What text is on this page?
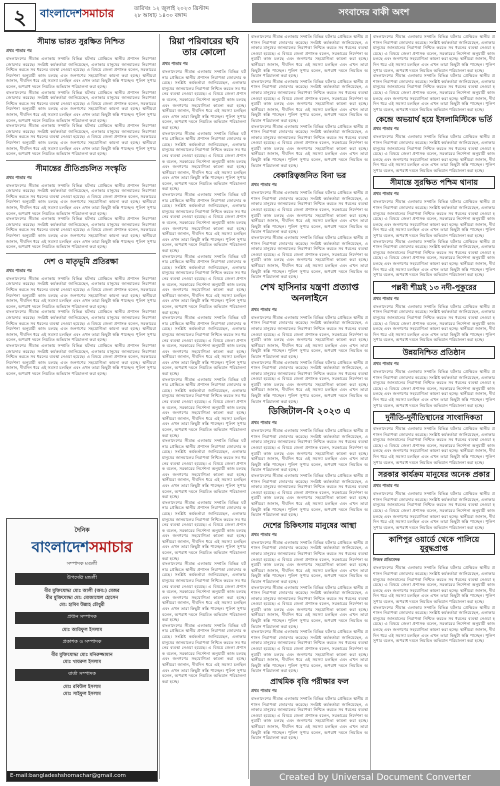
২	বাংলাদেশসমাচার	তারিখঃ ১২ জুলাই ২০২৩ খ্রিস্টাব্দ
২৮ আষাঢ় ১৪৩০ বঙ্গাব্দ	সংবাদের বাকী অংশ
সীমান্ত ভারত সুরক্ষিত নিশ্চিত
প্রথম পাতার পর
বাংলাদেশের সীমান্ত এলাকায় সম্প্রতি বিভিন্ন ঘটনার প্রেক্ষিতে স্থানীয় প্রশাসন নিরাপত্তা জোরদার করেছে। সংশ্লিষ্ট কর্মকর্তারা জানিয়েছেন, এলাকার মানুষের জানমালের নিরাপত্তা নিশ্চিত করতে সব ধরনের ব্যবস্থা নেওয়া হয়েছে। এ বিষয়ে জেলা প্রশাসক বলেন, সরকারের নির্দেশনা অনুযায়ী কাজ চলছে এবং জনগণের সহযোগিতা কামনা করা হচ্ছে। স্থানীয়রা জানান, দীর্ঘদিন ধরে এই সমস্যা চলছিল এবং এখন তারা কিছুটা স্বস্তি পাচ্ছেন। পুলিশ সুপার বলেন, অপরাধ দমনে নিয়মিত অভিযান পরিচালনা করা হচ্ছে।
বাংলাদেশের সীমান্ত এলাকায় সম্প্রতি বিভিন্ন ঘটনার প্রেক্ষিতে স্থানীয় প্রশাসন নিরাপত্তা জোরদার করেছে। সংশ্লিষ্ট কর্মকর্তারা জানিয়েছেন, এলাকার মানুষের জানমালের নিরাপত্তা নিশ্চিত করতে সব ধরনের ব্যবস্থা নেওয়া হয়েছে। এ বিষয়ে জেলা প্রশাসক বলেন, সরকারের নির্দেশনা অনুযায়ী কাজ চলছে এবং জনগণের সহযোগিতা কামনা করা হচ্ছে। স্থানীয়রা জানান, দীর্ঘদিন ধরে এই সমস্যা চলছিল এবং এখন তারা কিছুটা স্বস্তি পাচ্ছেন। পুলিশ সুপার বলেন, অপরাধ দমনে নিয়মিত অভিযান পরিচালনা করা হচ্ছে।
বাংলাদেশের সীমান্ত এলাকায় সম্প্রতি বিভিন্ন ঘটনার প্রেক্ষিতে স্থানীয় প্রশাসন নিরাপত্তা জোরদার করেছে। সংশ্লিষ্ট কর্মকর্তারা জানিয়েছেন, এলাকার মানুষের জানমালের নিরাপত্তা নিশ্চিত করতে সব ধরনের ব্যবস্থা নেওয়া হয়েছে। এ বিষয়ে জেলা প্রশাসক বলেন, সরকারের নির্দেশনা অনুযায়ী কাজ চলছে এবং জনগণের সহযোগিতা কামনা করা হচ্ছে। স্থানীয়রা জানান, দীর্ঘদিন ধরে এই সমস্যা চলছিল এবং এখন তারা কিছুটা স্বস্তি পাচ্ছেন। পুলিশ সুপার বলেন, অপরাধ দমনে নিয়মিত অভিযান পরিচালনা করা হচ্ছে।
সীমান্তের প্রীতিপ্রচলিত সংস্কৃতি
প্রথম পাতার পর
বাংলাদেশের সীমান্ত এলাকায় সম্প্রতি বিভিন্ন ঘটনার প্রেক্ষিতে স্থানীয় প্রশাসন নিরাপত্তা জোরদার করেছে। সংশ্লিষ্ট কর্মকর্তারা জানিয়েছেন, এলাকার মানুষের জানমালের নিরাপত্তা নিশ্চিত করতে সব ধরনের ব্যবস্থা নেওয়া হয়েছে। এ বিষয়ে জেলা প্রশাসক বলেন, সরকারের নির্দেশনা অনুযায়ী কাজ চলছে এবং জনগণের সহযোগিতা কামনা করা হচ্ছে। স্থানীয়রা জানান, দীর্ঘদিন ধরে এই সমস্যা চলছিল এবং এখন তারা কিছুটা স্বস্তি পাচ্ছেন। পুলিশ সুপার বলেন, অপরাধ দমনে নিয়মিত অভিযান পরিচালনা করা হচ্ছে।
বাংলাদেশের সীমান্ত এলাকায় সম্প্রতি বিভিন্ন ঘটনার প্রেক্ষিতে স্থানীয় প্রশাসন নিরাপত্তা জোরদার করেছে। সংশ্লিষ্ট কর্মকর্তারা জানিয়েছেন, এলাকার মানুষের জানমালের নিরাপত্তা নিশ্চিত করতে সব ধরনের ব্যবস্থা নেওয়া হয়েছে। এ বিষয়ে জেলা প্রশাসক বলেন, সরকারের নির্দেশনা অনুযায়ী কাজ চলছে এবং জনগণের সহযোগিতা কামনা করা হচ্ছে। স্থানীয়রা জানান, দীর্ঘদিন ধরে এই সমস্যা চলছিল এবং এখন তারা কিছুটা স্বস্তি পাচ্ছেন। পুলিশ সুপার বলেন, অপরাধ দমনে নিয়মিত অভিযান পরিচালনা করা হচ্ছে।
দেশ ও মাতৃভূমি প্রতিরক্ষা
প্রথম পাতার পর
বাংলাদেশের সীমান্ত এলাকায় সম্প্রতি বিভিন্ন ঘটনার প্রেক্ষিতে স্থানীয় প্রশাসন নিরাপত্তা জোরদার করেছে। সংশ্লিষ্ট কর্মকর্তারা জানিয়েছেন, এলাকার মানুষের জানমালের নিরাপত্তা নিশ্চিত করতে সব ধরনের ব্যবস্থা নেওয়া হয়েছে। এ বিষয়ে জেলা প্রশাসক বলেন, সরকারের নির্দেশনা অনুযায়ী কাজ চলছে এবং জনগণের সহযোগিতা কামনা করা হচ্ছে। স্থানীয়রা জানান, দীর্ঘদিন ধরে এই সমস্যা চলছিল এবং এখন তারা কিছুটা স্বস্তি পাচ্ছেন। পুলিশ সুপার বলেন, অপরাধ দমনে নিয়মিত অভিযান পরিচালনা করা হচ্ছে।
বাংলাদেশের সীমান্ত এলাকায় সম্প্রতি বিভিন্ন ঘটনার প্রেক্ষিতে স্থানীয় প্রশাসন নিরাপত্তা জোরদার করেছে। সংশ্লিষ্ট কর্মকর্তারা জানিয়েছেন, এলাকার মানুষের জানমালের নিরাপত্তা নিশ্চিত করতে সব ধরনের ব্যবস্থা নেওয়া হয়েছে। এ বিষয়ে জেলা প্রশাসক বলেন, সরকারের নির্দেশনা অনুযায়ী কাজ চলছে এবং জনগণের সহযোগিতা কামনা করা হচ্ছে। স্থানীয়রা জানান, দীর্ঘদিন ধরে এই সমস্যা চলছিল এবং এখন তারা কিছুটা স্বস্তি পাচ্ছেন। পুলিশ সুপার বলেন, অপরাধ দমনে নিয়মিত অভিযান পরিচালনা করা হচ্ছে।
বাংলাদেশের সীমান্ত এলাকায় সম্প্রতি বিভিন্ন ঘটনার প্রেক্ষিতে স্থানীয় প্রশাসন নিরাপত্তা জোরদার করেছে। সংশ্লিষ্ট কর্মকর্তারা জানিয়েছেন, এলাকার মানুষের জানমালের নিরাপত্তা নিশ্চিত করতে সব ধরনের ব্যবস্থা নেওয়া হয়েছে। এ বিষয়ে জেলা প্রশাসক বলেন, সরকারের নির্দেশনা অনুযায়ী কাজ চলছে এবং জনগণের সহযোগিতা কামনা করা হচ্ছে। স্থানীয়রা জানান, দীর্ঘদিন ধরে এই সমস্যা চলছিল এবং এখন তারা কিছুটা স্বস্তি পাচ্ছেন। পুলিশ সুপার বলেন, অপরাধ দমনে নিয়মিত অভিযান পরিচালনা করা হচ্ছে।
দৈনিক
বাংলাদেশসমাচার
সম্পাদক মণ্ডলী
উপদেষ্টা মন্ডলী
বীর মুক্তিযোদ্ধা মোঃ আলী (অব:) মেজর
বীর মুক্তিযোদ্ধা মো: মোজাম্মেল হোসেন
মো: হাবিব উল্লাহ চৌধুরী
প্রধান সম্পাদক
মোঃ আরিফুল ইসলাম
প্রকাশক ও সম্পাদক
বীর মুক্তিযোদ্ধা মোঃ মনিরুজ্জামান
মোঃ খায়রুল ইসলাম
বার্তা সম্পাদক
মোঃ রবিউল ইসলাম
মোঃ সাইফুল ইসলাম
E-mail:bangladeshshomachar@gmail.com
রিয়া পরিবারের ছবি তার কোলো
প্রথম পাতার পর
বাংলাদেশের সীমান্ত এলাকায় সম্প্রতি বিভিন্ন ঘটনার প্রেক্ষিতে স্থানীয় প্রশাসন নিরাপত্তা জোরদার করেছে। সংশ্লিষ্ট কর্মকর্তারা জানিয়েছেন, এলাকার মানুষের জানমালের নিরাপত্তা নিশ্চিত করতে সব ধরনের ব্যবস্থা নেওয়া হয়েছে। এ বিষয়ে জেলা প্রশাসক বলেন, সরকারের নির্দেশনা অনুযায়ী কাজ চলছে এবং জনগণের সহযোগিতা কামনা করা হচ্ছে। স্থানীয়রা জানান, দীর্ঘদিন ধরে এই সমস্যা চলছিল এবং এখন তারা কিছুটা স্বস্তি পাচ্ছেন। পুলিশ সুপার বলেন, অপরাধ দমনে নিয়মিত অভিযান পরিচালনা করা হচ্ছে।
বাংলাদেশের সীমান্ত এলাকায় সম্প্রতি বিভিন্ন ঘটনার প্রেক্ষিতে স্থানীয় প্রশাসন নিরাপত্তা জোরদার করেছে। সংশ্লিষ্ট কর্মকর্তারা জানিয়েছেন, এলাকার মানুষের জানমালের নিরাপত্তা নিশ্চিত করতে সব ধরনের ব্যবস্থা নেওয়া হয়েছে। এ বিষয়ে জেলা প্রশাসক বলেন, সরকারের নির্দেশনা অনুযায়ী কাজ চলছে এবং জনগণের সহযোগিতা কামনা করা হচ্ছে। স্থানীয়রা জানান, দীর্ঘদিন ধরে এই সমস্যা চলছিল এবং এখন তারা কিছুটা স্বস্তি পাচ্ছেন। পুলিশ সুপার বলেন, অপরাধ দমনে নিয়মিত অভিযান পরিচালনা করা হচ্ছে।
বাংলাদেশের সীমান্ত এলাকায় সম্প্রতি বিভিন্ন ঘটনার প্রেক্ষিতে স্থানীয় প্রশাসন নিরাপত্তা জোরদার করেছে। সংশ্লিষ্ট কর্মকর্তারা জানিয়েছেন, এলাকার মানুষের জানমালের নিরাপত্তা নিশ্চিত করতে সব ধরনের ব্যবস্থা নেওয়া হয়েছে। এ বিষয়ে জেলা প্রশাসক বলেন, সরকারের নির্দেশনা অনুযায়ী কাজ চলছে এবং জনগণের সহযোগিতা কামনা করা হচ্ছে। স্থানীয়রা জানান, দীর্ঘদিন ধরে এই সমস্যা চলছিল এবং এখন তারা কিছুটা স্বস্তি পাচ্ছেন। পুলিশ সুপার বলেন, অপরাধ দমনে নিয়মিত অভিযান পরিচালনা করা হচ্ছে।
বাংলাদেশের সীমান্ত এলাকায় সম্প্রতি বিভিন্ন ঘটনার প্রেক্ষিতে স্থানীয় প্রশাসন নিরাপত্তা জোরদার করেছে। সংশ্লিষ্ট কর্মকর্তারা জানিয়েছেন, এলাকার মানুষের জানমালের নিরাপত্তা নিশ্চিত করতে সব ধরনের ব্যবস্থা নেওয়া হয়েছে। এ বিষয়ে জেলা প্রশাসক বলেন, সরকারের নির্দেশনা অনুযায়ী কাজ চলছে এবং জনগণের সহযোগিতা কামনা করা হচ্ছে। স্থানীয়রা জানান, দীর্ঘদিন ধরে এই সমস্যা চলছিল এবং এখন তারা কিছুটা স্বস্তি পাচ্ছেন। পুলিশ সুপার বলেন, অপরাধ দমনে নিয়মিত অভিযান পরিচালনা করা হচ্ছে।
বাংলাদেশের সীমান্ত এলাকায় সম্প্রতি বিভিন্ন ঘটনার প্রেক্ষিতে স্থানীয় প্রশাসন নিরাপত্তা জোরদার করেছে। সংশ্লিষ্ট কর্মকর্তারা জানিয়েছেন, এলাকার মানুষের জানমালের নিরাপত্তা নিশ্চিত করতে সব ধরনের ব্যবস্থা নেওয়া হয়েছে। এ বিষয়ে জেলা প্রশাসক বলেন, সরকারের নির্দেশনা অনুযায়ী কাজ চলছে এবং জনগণের সহযোগিতা কামনা করা হচ্ছে। স্থানীয়রা জানান, দীর্ঘদিন ধরে এই সমস্যা চলছিল এবং এখন তারা কিছুটা স্বস্তি পাচ্ছেন। পুলিশ সুপার বলেন, অপরাধ দমনে নিয়মিত অভিযান পরিচালনা করা হচ্ছে।
বাংলাদেশের সীমান্ত এলাকায় সম্প্রতি বিভিন্ন ঘটনার প্রেক্ষিতে স্থানীয় প্রশাসন নিরাপত্তা জোরদার করেছে। সংশ্লিষ্ট কর্মকর্তারা জানিয়েছেন, এলাকার মানুষের জানমালের নিরাপত্তা নিশ্চিত করতে সব ধরনের ব্যবস্থা নেওয়া হয়েছে। এ বিষয়ে জেলা প্রশাসক বলেন, সরকারের নির্দেশনা অনুযায়ী কাজ চলছে এবং জনগণের সহযোগিতা কামনা করা হচ্ছে। স্থানীয়রা জানান, দীর্ঘদিন ধরে এই সমস্যা চলছিল এবং এখন তারা কিছুটা স্বস্তি পাচ্ছেন। পুলিশ সুপার বলেন, অপরাধ দমনে নিয়মিত অভিযান পরিচালনা করা হচ্ছে।
বাংলাদেশের সীমান্ত এলাকায় সম্প্রতি বিভিন্ন ঘটনার প্রেক্ষিতে স্থানীয় প্রশাসন নিরাপত্তা জোরদার করেছে। সংশ্লিষ্ট কর্মকর্তারা জানিয়েছেন, এলাকার মানুষের জানমালের নিরাপত্তা নিশ্চিত করতে সব ধরনের ব্যবস্থা নেওয়া হয়েছে। এ বিষয়ে জেলা প্রশাসক বলেন, সরকারের নির্দেশনা অনুযায়ী কাজ চলছে এবং জনগণের সহযোগিতা কামনা করা হচ্ছে। স্থানীয়রা জানান, দীর্ঘদিন ধরে এই সমস্যা চলছিল এবং এখন তারা কিছুটা স্বস্তি পাচ্ছেন। পুলিশ সুপার বলেন, অপরাধ দমনে নিয়মিত অভিযান পরিচালনা করা হচ্ছে।
বাংলাদেশের সীমান্ত এলাকায় সম্প্রতি বিভিন্ন ঘটনার প্রেক্ষিতে স্থানীয় প্রশাসন নিরাপত্তা জোরদার করেছে। সংশ্লিষ্ট কর্মকর্তারা জানিয়েছেন, এলাকার মানুষের জানমালের নিরাপত্তা নিশ্চিত করতে সব ধরনের ব্যবস্থা নেওয়া হয়েছে। এ বিষয়ে জেলা প্রশাসক বলেন, সরকারের নির্দেশনা অনুযায়ী কাজ চলছে এবং জনগণের সহযোগিতা কামনা করা হচ্ছে। স্থানীয়রা জানান, দীর্ঘদিন ধরে এই সমস্যা চলছিল এবং এখন তারা কিছুটা স্বস্তি পাচ্ছেন। পুলিশ সুপার বলেন, অপরাধ দমনে নিয়মিত অভিযান পরিচালনা করা হচ্ছে।
বাংলাদেশের সীমান্ত এলাকায় সম্প্রতি বিভিন্ন ঘটনার প্রেক্ষিতে স্থানীয় প্রশাসন নিরাপত্তা জোরদার করেছে। সংশ্লিষ্ট কর্মকর্তারা জানিয়েছেন, এলাকার মানুষের জানমালের নিরাপত্তা নিশ্চিত করতে সব ধরনের ব্যবস্থা নেওয়া হয়েছে। এ বিষয়ে জেলা প্রশাসক বলেন, সরকারের নির্দেশনা অনুযায়ী কাজ চলছে এবং জনগণের সহযোগিতা কামনা করা হচ্ছে। স্থানীয়রা জানান, দীর্ঘদিন ধরে এই সমস্যা চলছিল এবং এখন তারা কিছুটা স্বস্তি পাচ্ছেন। পুলিশ সুপার বলেন, অপরাধ দমনে নিয়মিত অভিযান পরিচালনা করা হচ্ছে।
বাংলাদেশের সীমান্ত এলাকায় সম্প্রতি বিভিন্ন ঘটনার প্রেক্ষিতে স্থানীয় প্রশাসন নিরাপত্তা জোরদার করেছে। সংশ্লিষ্ট কর্মকর্তারা জানিয়েছেন, এলাকার মানুষের জানমালের নিরাপত্তা নিশ্চিত করতে সব ধরনের ব্যবস্থা নেওয়া হয়েছে। এ বিষয়ে জেলা প্রশাসক বলেন, সরকারের নির্দেশনা অনুযায়ী কাজ চলছে এবং জনগণের সহযোগিতা কামনা করা হচ্ছে। স্থানীয়রা জানান, দীর্ঘদিন ধরে এই সমস্যা চলছিল এবং এখন তারা কিছুটা স্বস্তি পাচ্ছেন। পুলিশ সুপার বলেন, অপরাধ দমনে নিয়মিত অভিযান পরিচালনা করা হচ্ছে।
বাংলাদেশের সীমান্ত এলাকায় সম্প্রতি বিভিন্ন ঘটনার প্রেক্ষিতে স্থানীয় প্রশাসন নিরাপত্তা জোরদার করেছে। সংশ্লিষ্ট কর্মকর্তারা জানিয়েছেন, এলাকার মানুষের জানমালের নিরাপত্তা নিশ্চিত করতে সব ধরনের ব্যবস্থা নেওয়া হয়েছে। এ বিষয়ে জেলা প্রশাসক বলেন, সরকারের নির্দেশনা অনুযায়ী কাজ চলছে এবং জনগণের সহযোগিতা কামনা করা হচ্ছে। স্থানীয়রা জানান, দীর্ঘদিন ধরে এই সমস্যা চলছিল এবং এখন তারা কিছুটা স্বস্তি পাচ্ছেন। পুলিশ সুপার বলেন, অপরাধ দমনে নিয়মিত অভিযান পরিচালনা করা হচ্ছে।
বাংলাদেশের সীমান্ত এলাকায় সম্প্রতি বিভিন্ন ঘটনার প্রেক্ষিতে স্থানীয় প্রশাসন নিরাপত্তা জোরদার করেছে। সংশ্লিষ্ট কর্মকর্তারা জানিয়েছেন, এলাকার মানুষের জানমালের নিরাপত্তা নিশ্চিত করতে সব ধরনের ব্যবস্থা নেওয়া হয়েছে। এ বিষয়ে জেলা প্রশাসক বলেন, সরকারের নির্দেশনা অনুযায়ী কাজ চলছে এবং জনগণের সহযোগিতা কামনা করা হচ্ছে। স্থানীয়রা জানান, দীর্ঘদিন ধরে এই সমস্যা চলছিল এবং এখন তারা কিছুটা স্বস্তি পাচ্ছেন। পুলিশ সুপার বলেন, অপরাধ দমনে নিয়মিত অভিযান পরিচালনা করা হচ্ছে।
বাংলাদেশের সীমান্ত এলাকায় সম্প্রতি বিভিন্ন ঘটনার প্রেক্ষিতে স্থানীয় প্রশাসন নিরাপত্তা জোরদার করেছে। সংশ্লিষ্ট কর্মকর্তারা জানিয়েছেন, এলাকার মানুষের জানমালের নিরাপত্তা নিশ্চিত করতে সব ধরনের ব্যবস্থা নেওয়া হয়েছে। এ বিষয়ে জেলা প্রশাসক বলেন, সরকারের নির্দেশনা অনুযায়ী কাজ চলছে এবং জনগণের সহযোগিতা কামনা করা হচ্ছে। স্থানীয়রা জানান, দীর্ঘদিন ধরে এই সমস্যা চলছিল এবং এখন তারা কিছুটা স্বস্তি পাচ্ছেন। পুলিশ সুপার বলেন, অপরাধ দমনে নিয়মিত অভিযান পরিচালনা করা হচ্ছে।
বেকারিত্বজনিত বিনা ভর
প্রথম পাতার পর
বাংলাদেশের সীমান্ত এলাকায় সম্প্রতি বিভিন্ন ঘটনার প্রেক্ষিতে স্থানীয় প্রশাসন নিরাপত্তা জোরদার করেছে। সংশ্লিষ্ট কর্মকর্তারা জানিয়েছেন, এলাকার মানুষের জানমালের নিরাপত্তা নিশ্চিত করতে সব ধরনের ব্যবস্থা নেওয়া হয়েছে। এ বিষয়ে জেলা প্রশাসক বলেন, সরকারের নির্দেশনা অনুযায়ী কাজ চলছে এবং জনগণের সহযোগিতা কামনা করা হচ্ছে। স্থানীয়রা জানান, দীর্ঘদিন ধরে এই সমস্যা চলছিল এবং এখন তারা কিছুটা স্বস্তি পাচ্ছেন। পুলিশ সুপার বলেন, অপরাধ দমনে নিয়মিত অভিযান পরিচালনা করা হচ্ছে।
বাংলাদেশের সীমান্ত এলাকায় সম্প্রতি বিভিন্ন ঘটনার প্রেক্ষিতে স্থানীয় প্রশাসন নিরাপত্তা জোরদার করেছে। সংশ্লিষ্ট কর্মকর্তারা জানিয়েছেন, এলাকার মানুষের জানমালের নিরাপত্তা নিশ্চিত করতে সব ধরনের ব্যবস্থা নেওয়া হয়েছে। এ বিষয়ে জেলা প্রশাসক বলেন, সরকারের নির্দেশনা অনুযায়ী কাজ চলছে এবং জনগণের সহযোগিতা কামনা করা হচ্ছে। স্থানীয়রা জানান, দীর্ঘদিন ধরে এই সমস্যা চলছিল এবং এখন তারা কিছুটা স্বস্তি পাচ্ছেন। পুলিশ সুপার বলেন, অপরাধ দমনে নিয়মিত অভিযান পরিচালনা করা হচ্ছে।
শেখ হাসিনার যন্ত্রণা প্রত্যাপ্ত অনলাইনে
প্রথম পাতার পর
বাংলাদেশের সীমান্ত এলাকায় সম্প্রতি বিভিন্ন ঘটনার প্রেক্ষিতে স্থানীয় প্রশাসন নিরাপত্তা জোরদার করেছে। সংশ্লিষ্ট কর্মকর্তারা জানিয়েছেন, এলাকার মানুষের জানমালের নিরাপত্তা নিশ্চিত করতে সব ধরনের ব্যবস্থা নেওয়া হয়েছে। এ বিষয়ে জেলা প্রশাসক বলেন, সরকারের নির্দেশনা অনুযায়ী কাজ চলছে এবং জনগণের সহযোগিতা কামনা করা হচ্ছে। স্থানীয়রা জানান, দীর্ঘদিন ধরে এই সমস্যা চলছিল এবং এখন তারা কিছুটা স্বস্তি পাচ্ছেন। পুলিশ সুপার বলেন, অপরাধ দমনে নিয়মিত অভিযান পরিচালনা করা হচ্ছে।
বাংলাদেশের সীমান্ত এলাকায় সম্প্রতি বিভিন্ন ঘটনার প্রেক্ষিতে স্থানীয় প্রশাসন নিরাপত্তা জোরদার করেছে। সংশ্লিষ্ট কর্মকর্তারা জানিয়েছেন, এলাকার মানুষের জানমালের নিরাপত্তা নিশ্চিত করতে সব ধরনের ব্যবস্থা নেওয়া হয়েছে। এ বিষয়ে জেলা প্রশাসক বলেন, সরকারের নির্দেশনা অনুযায়ী কাজ চলছে এবং জনগণের সহযোগিতা কামনা করা হচ্ছে। স্থানীয়রা জানান, দীর্ঘদিন ধরে এই সমস্যা চলছিল এবং এখন তারা কিছুটা স্বস্তি পাচ্ছেন। পুলিশ সুপার বলেন, অপরাধ দমনে নিয়মিত অভিযান পরিচালনা করা হচ্ছে।
ডিজিটাল-বি ২০২৩ এ
প্রথম পাতার পর
বাংলাদেশের সীমান্ত এলাকায় সম্প্রতি বিভিন্ন ঘটনার প্রেক্ষিতে স্থানীয় প্রশাসন নিরাপত্তা জোরদার করেছে। সংশ্লিষ্ট কর্মকর্তারা জানিয়েছেন, এলাকার মানুষের জানমালের নিরাপত্তা নিশ্চিত করতে সব ধরনের ব্যবস্থা নেওয়া হয়েছে। এ বিষয়ে জেলা প্রশাসক বলেন, সরকারের নির্দেশনা অনুযায়ী কাজ চলছে এবং জনগণের সহযোগিতা কামনা করা হচ্ছে। স্থানীয়রা জানান, দীর্ঘদিন ধরে এই সমস্যা চলছিল এবং এখন তারা কিছুটা স্বস্তি পাচ্ছেন। পুলিশ সুপার বলেন, অপরাধ দমনে নিয়মিত অভিযান পরিচালনা করা হচ্ছে।
বাংলাদেশের সীমান্ত এলাকায় সম্প্রতি বিভিন্ন ঘটনার প্রেক্ষিতে স্থানীয় প্রশাসন নিরাপত্তা জোরদার করেছে। সংশ্লিষ্ট কর্মকর্তারা জানিয়েছেন, এলাকার মানুষের জানমালের নিরাপত্তা নিশ্চিত করতে সব ধরনের ব্যবস্থা নেওয়া হয়েছে। এ বিষয়ে জেলা প্রশাসক বলেন, সরকারের নির্দেশনা অনুযায়ী কাজ চলছে এবং জনগণের সহযোগিতা কামনা করা হচ্ছে। স্থানীয়রা জানান, দীর্ঘদিন ধরে এই সমস্যা চলছিল এবং এখন তারা কিছুটা স্বস্তি পাচ্ছেন। পুলিশ সুপার বলেন, অপরাধ দমনে নিয়মিত অভিযান পরিচালনা করা হচ্ছে।
দেশের চিকিৎসায় মানুষের আস্থা
প্রথম পাতার পর
বাংলাদেশের সীমান্ত এলাকায় সম্প্রতি বিভিন্ন ঘটনার প্রেক্ষিতে স্থানীয় প্রশাসন নিরাপত্তা জোরদার করেছে। সংশ্লিষ্ট কর্মকর্তারা জানিয়েছেন, এলাকার মানুষের জানমালের নিরাপত্তা নিশ্চিত করতে সব ধরনের ব্যবস্থা নেওয়া হয়েছে। এ বিষয়ে জেলা প্রশাসক বলেন, সরকারের নির্দেশনা অনুযায়ী কাজ চলছে এবং জনগণের সহযোগিতা কামনা করা হচ্ছে। স্থানীয়রা জানান, দীর্ঘদিন ধরে এই সমস্যা চলছিল এবং এখন তারা কিছুটা স্বস্তি পাচ্ছেন। পুলিশ সুপার বলেন, অপরাধ দমনে নিয়মিত অভিযান পরিচালনা করা হচ্ছে।
বাংলাদেশের সীমান্ত এলাকায় সম্প্রতি বিভিন্ন ঘটনার প্রেক্ষিতে স্থানীয় প্রশাসন নিরাপত্তা জোরদার করেছে। সংশ্লিষ্ট কর্মকর্তারা জানিয়েছেন, এলাকার মানুষের জানমালের নিরাপত্তা নিশ্চিত করতে সব ধরনের ব্যবস্থা নেওয়া হয়েছে। এ বিষয়ে জেলা প্রশাসক বলেন, সরকারের নির্দেশনা অনুযায়ী কাজ চলছে এবং জনগণের সহযোগিতা কামনা করা হচ্ছে। স্থানীয়রা জানান, দীর্ঘদিন ধরে এই সমস্যা চলছিল এবং এখন তারা কিছুটা স্বস্তি পাচ্ছেন। পুলিশ সুপার বলেন, অপরাধ দমনে নিয়মিত অভিযান পরিচালনা করা হচ্ছে।
বাংলাদেশের সীমান্ত এলাকায় সম্প্রতি বিভিন্ন ঘটনার প্রেক্ষিতে স্থানীয় প্রশাসন নিরাপত্তা জোরদার করেছে। সংশ্লিষ্ট কর্মকর্তারা জানিয়েছেন, এলাকার মানুষের জানমালের নিরাপত্তা নিশ্চিত করতে সব ধরনের ব্যবস্থা নেওয়া হয়েছে। এ বিষয়ে জেলা প্রশাসক বলেন, সরকারের নির্দেশনা অনুযায়ী কাজ চলছে এবং জনগণের সহযোগিতা কামনা করা হচ্ছে। স্থানীয়রা জানান, দীর্ঘদিন ধরে এই সমস্যা চলছিল এবং এখন তারা কিছুটা স্বস্তি পাচ্ছেন। পুলিশ সুপার বলেন, অপরাধ দমনে নিয়মিত অভিযান পরিচালনা করা হচ্ছে।
প্রাথমিক বৃত্তি পরীক্ষার ফল
প্রথম পাতার পর
বাংলাদেশের সীমান্ত এলাকায় সম্প্রতি বিভিন্ন ঘটনার প্রেক্ষিতে স্থানীয় প্রশাসন নিরাপত্তা জোরদার করেছে। সংশ্লিষ্ট কর্মকর্তারা জানিয়েছেন, এলাকার মানুষের জানমালের নিরাপত্তা নিশ্চিত করতে সব ধরনের ব্যবস্থা নেওয়া হয়েছে। এ বিষয়ে জেলা প্রশাসক বলেন, সরকারের নির্দেশনা অনুযায়ী কাজ চলছে এবং জনগণের সহযোগিতা কামনা করা হচ্ছে। স্থানীয়রা জানান, দীর্ঘদিন ধরে এই সমস্যা চলছিল এবং এখন তারা কিছুটা স্বস্তি পাচ্ছেন। পুলিশ সুপার বলেন, অপরাধ দমনে নিয়মিত অভিযান পরিচালনা করা হচ্ছে।
বাংলাদেশের সীমান্ত এলাকায় সম্প্রতি বিভিন্ন ঘটনার প্রেক্ষিতে স্থানীয় প্রশাসন নিরাপত্তা জোরদার করেছে। সংশ্লিষ্ট কর্মকর্তারা জানিয়েছেন, এলাকার মানুষের জানমালের নিরাপত্তা নিশ্চিত করতে সব ধরনের ব্যবস্থা নেওয়া হয়েছে। এ বিষয়ে জেলা প্রশাসক বলেন, সরকারের নির্দেশনা অনুযায়ী কাজ চলছে এবং জনগণের সহযোগিতা কামনা করা হচ্ছে। স্থানীয়রা জানান, দীর্ঘদিন ধরে এই সমস্যা চলছিল এবং এখন তারা কিছুটা স্বস্তি পাচ্ছেন। পুলিশ সুপার বলেন, অপরাধ দমনে নিয়মিত অভিযান পরিচালনা করা হচ্ছে।
বাংলাদেশের সীমান্ত এলাকায় সম্প্রতি বিভিন্ন ঘটনার প্রেক্ষিতে স্থানীয় প্রশাসন নিরাপত্তা জোরদার করেছে। সংশ্লিষ্ট কর্মকর্তারা জানিয়েছেন, এলাকার মানুষের জানমালের নিরাপত্তা নিশ্চিত করতে সব ধরনের ব্যবস্থা নেওয়া হয়েছে। এ বিষয়ে জেলা প্রশাসক বলেন, সরকারের নির্দেশনা অনুযায়ী কাজ চলছে এবং জনগণের সহযোগিতা কামনা করা হচ্ছে। স্থানীয়রা জানান, দীর্ঘদিন ধরে এই সমস্যা চলছিল এবং এখন তারা কিছুটা স্বস্তি পাচ্ছেন। পুলিশ সুপার বলেন, অপরাধ দমনে নিয়মিত অভিযান পরিচালনা করা হচ্ছে।
কেন্দ্রে অভয়ার্থ হয়ে ইসলামিস্টিকে ভর্তি
প্রথম পাতার পর
বাংলাদেশের সীমান্ত এলাকায় সম্প্রতি বিভিন্ন ঘটনার প্রেক্ষিতে স্থানীয় প্রশাসন নিরাপত্তা জোরদার করেছে। সংশ্লিষ্ট কর্মকর্তারা জানিয়েছেন, এলাকার মানুষের জানমালের নিরাপত্তা নিশ্চিত করতে সব ধরনের ব্যবস্থা নেওয়া হয়েছে। এ বিষয়ে জেলা প্রশাসক বলেন, সরকারের নির্দেশনা অনুযায়ী কাজ চলছে এবং জনগণের সহযোগিতা কামনা করা হচ্ছে। স্থানীয়রা জানান, দীর্ঘদিন ধরে এই সমস্যা চলছিল এবং এখন তারা কিছুটা স্বস্তি পাচ্ছেন। পুলিশ সুপার বলেন, অপরাধ দমনে নিয়মিত অভিযান পরিচালনা করা হচ্ছে।
সীমান্তে সুরক্ষিত পশ্চিম থানায়
প্রথম পাতার পর
বাংলাদেশের সীমান্ত এলাকায় সম্প্রতি বিভিন্ন ঘটনার প্রেক্ষিতে স্থানীয় প্রশাসন নিরাপত্তা জোরদার করেছে। সংশ্লিষ্ট কর্মকর্তারা জানিয়েছেন, এলাকার মানুষের জানমালের নিরাপত্তা নিশ্চিত করতে সব ধরনের ব্যবস্থা নেওয়া হয়েছে। এ বিষয়ে জেলা প্রশাসক বলেন, সরকারের নির্দেশনা অনুযায়ী কাজ চলছে এবং জনগণের সহযোগিতা কামনা করা হচ্ছে। স্থানীয়রা জানান, দীর্ঘদিন ধরে এই সমস্যা চলছিল এবং এখন তারা কিছুটা স্বস্তি পাচ্ছেন। পুলিশ সুপার বলেন, অপরাধ দমনে নিয়মিত অভিযান পরিচালনা করা হচ্ছে।
বাংলাদেশের সীমান্ত এলাকায় সম্প্রতি বিভিন্ন ঘটনার প্রেক্ষিতে স্থানীয় প্রশাসন নিরাপত্তা জোরদার করেছে। সংশ্লিষ্ট কর্মকর্তারা জানিয়েছেন, এলাকার মানুষের জানমালের নিরাপত্তা নিশ্চিত করতে সব ধরনের ব্যবস্থা নেওয়া হয়েছে। এ বিষয়ে জেলা প্রশাসক বলেন, সরকারের নির্দেশনা অনুযায়ী কাজ চলছে এবং জনগণের সহযোগিতা কামনা করা হচ্ছে। স্থানীয়রা জানান, দীর্ঘদিন ধরে এই সমস্যা চলছিল এবং এখন তারা কিছুটা স্বস্তি পাচ্ছেন। পুলিশ সুপার বলেন, অপরাধ দমনে নিয়মিত অভিযান পরিচালনা করা হচ্ছে।
পল্লবী শীঘ্রই ১৩ নদী-পুকুরের
প্রথম পাতার পর
বাংলাদেশের সীমান্ত এলাকায় সম্প্রতি বিভিন্ন ঘটনার প্রেক্ষিতে স্থানীয় প্রশাসন নিরাপত্তা জোরদার করেছে। সংশ্লিষ্ট কর্মকর্তারা জানিয়েছেন, এলাকার মানুষের জানমালের নিরাপত্তা নিশ্চিত করতে সব ধরনের ব্যবস্থা নেওয়া হয়েছে। এ বিষয়ে জেলা প্রশাসক বলেন, সরকারের নির্দেশনা অনুযায়ী কাজ চলছে এবং জনগণের সহযোগিতা কামনা করা হচ্ছে। স্থানীয়রা জানান, দীর্ঘদিন ধরে এই সমস্যা চলছিল এবং এখন তারা কিছুটা স্বস্তি পাচ্ছেন। পুলিশ সুপার বলেন, অপরাধ দমনে নিয়মিত অভিযান পরিচালনা করা হচ্ছে।
উন্নয়নিশ্চিত প্রতিষ্ঠান
প্রথম পাতার পর
বাংলাদেশের সীমান্ত এলাকায় সম্প্রতি বিভিন্ন ঘটনার প্রেক্ষিতে স্থানীয় প্রশাসন নিরাপত্তা জোরদার করেছে। সংশ্লিষ্ট কর্মকর্তারা জানিয়েছেন, এলাকার মানুষের জানমালের নিরাপত্তা নিশ্চিত করতে সব ধরনের ব্যবস্থা নেওয়া হয়েছে। এ বিষয়ে জেলা প্রশাসক বলেন, সরকারের নির্দেশনা অনুযায়ী কাজ চলছে এবং জনগণের সহযোগিতা কামনা করা হচ্ছে। স্থানীয়রা জানান, দীর্ঘদিন ধরে এই সমস্যা চলছিল এবং এখন তারা কিছুটা স্বস্তি পাচ্ছেন। পুলিশ সুপার বলেন, অপরাধ দমনে নিয়মিত অভিযান পরিচালনা করা হচ্ছে।
দুর্নীতি-দুর্নীতিস্থানের সাংবাদিকতা
বাংলাদেশের সীমান্ত এলাকায় সম্প্রতি বিভিন্ন ঘটনার প্রেক্ষিতে স্থানীয় প্রশাসন নিরাপত্তা জোরদার করেছে। সংশ্লিষ্ট কর্মকর্তারা জানিয়েছেন, এলাকার মানুষের জানমালের নিরাপত্তা নিশ্চিত করতে সব ধরনের ব্যবস্থা নেওয়া হয়েছে। এ বিষয়ে জেলা প্রশাসক বলেন, সরকারের নির্দেশনা অনুযায়ী কাজ চলছে এবং জনগণের সহযোগিতা কামনা করা হচ্ছে। স্থানীয়রা জানান, দীর্ঘদিন ধরে এই সমস্যা চলছিল এবং এখন তারা কিছুটা স্বস্তি পাচ্ছেন। পুলিশ সুপার বলেন, অপরাধ দমনে নিয়মিত অভিযান পরিচালনা করা হচ্ছে।
সরকার কার্যক্রম মানুষের অনেক প্রকার
প্রথম পাতার পর
বাংলাদেশের সীমান্ত এলাকায় সম্প্রতি বিভিন্ন ঘটনার প্রেক্ষিতে স্থানীয় প্রশাসন নিরাপত্তা জোরদার করেছে। সংশ্লিষ্ট কর্মকর্তারা জানিয়েছেন, এলাকার মানুষের জানমালের নিরাপত্তা নিশ্চিত করতে সব ধরনের ব্যবস্থা নেওয়া হয়েছে। এ বিষয়ে জেলা প্রশাসক বলেন, সরকারের নির্দেশনা অনুযায়ী কাজ চলছে এবং জনগণের সহযোগিতা কামনা করা হচ্ছে। স্থানীয়রা জানান, দীর্ঘদিন ধরে এই সমস্যা চলছিল এবং এখন তারা কিছুটা স্বস্তি পাচ্ছেন। পুলিশ সুপার বলেন, অপরাধ দমনে নিয়মিত অভিযান পরিচালনা করা হচ্ছে।
কাশিপুর ওয়ার্ডে থেকে পালিয়ে যুবুদ্ধপ্রাপ্ত
নিজস্ব প্রতিবেদক
বাংলাদেশের সীমান্ত এলাকায় সম্প্রতি বিভিন্ন ঘটনার প্রেক্ষিতে স্থানীয় প্রশাসন নিরাপত্তা জোরদার করেছে। সংশ্লিষ্ট কর্মকর্তারা জানিয়েছেন, এলাকার মানুষের জানমালের নিরাপত্তা নিশ্চিত করতে সব ধরনের ব্যবস্থা নেওয়া হয়েছে। এ বিষয়ে জেলা প্রশাসক বলেন, সরকারের নির্দেশনা অনুযায়ী কাজ চলছে এবং জনগণের সহযোগিতা কামনা করা হচ্ছে। স্থানীয়রা জানান, দীর্ঘদিন ধরে এই সমস্যা চলছিল এবং এখন তারা কিছুটা স্বস্তি পাচ্ছেন। পুলিশ সুপার বলেন, অপরাধ দমনে নিয়মিত অভিযান পরিচালনা করা হচ্ছে।
বাংলাদেশের সীমান্ত এলাকায় সম্প্রতি বিভিন্ন ঘটনার প্রেক্ষিতে স্থানীয় প্রশাসন নিরাপত্তা জোরদার করেছে। সংশ্লিষ্ট কর্মকর্তারা জানিয়েছেন, এলাকার মানুষের জানমালের নিরাপত্তা নিশ্চিত করতে সব ধরনের ব্যবস্থা নেওয়া হয়েছে। এ বিষয়ে জেলা প্রশাসক বলেন, সরকারের নির্দেশনা অনুযায়ী কাজ চলছে এবং জনগণের সহযোগিতা কামনা করা হচ্ছে। স্থানীয়রা জানান, দীর্ঘদিন ধরে এই সমস্যা চলছিল এবং এখন তারা কিছুটা স্বস্তি পাচ্ছেন। পুলিশ সুপার বলেন, অপরাধ দমনে নিয়মিত অভিযান পরিচালনা করা হচ্ছে।
Created by Universal Document Converter
